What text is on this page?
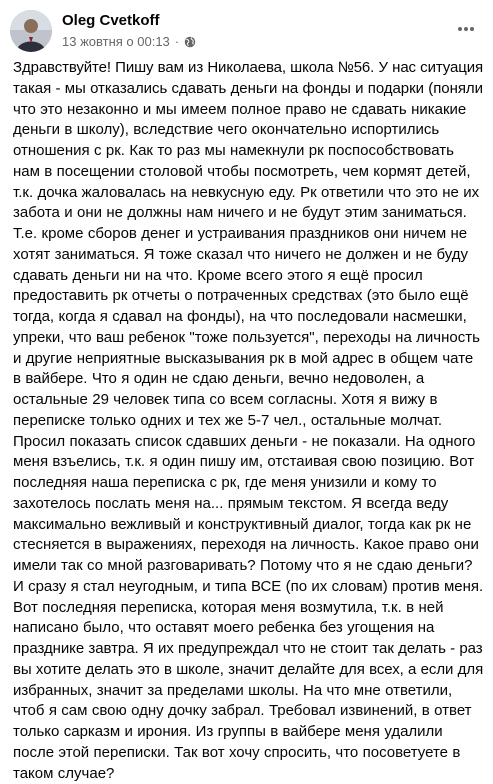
Oleg Cvetkoff
13 жовтня о 00:13 ·

Здравствуйте! Пишу вам из Николаева, школа №56. У нас ситуация
такая - мы отказались сдавать деньги на фонды и подарки (поняли
что это незаконно и мы имеем полное право не сдавать никакие
деньги в школу), вследствие чего окончательно испортились
отношения с рк. Как то раз мы намекнули рк поспособствовать
нам в посещении столовой чтобы посмотреть, чем кормят детей,
т.к. дочка жаловалась на невкусную еду. Рк ответили что это не их
забота и они не должны нам ничего и не будут этим заниматься.
Т.е. кроме сборов денег и устраивания праздников они ничем не
хотят заниматься. Я тоже сказал что ничего не должен и не буду
сдавать деньги ни на что. Кроме всего этого я ещё просил
предоставить рк отчеты о потраченных средствах (это было ещё
тогда, когда я сдавал на фонды), на что последовали насмешки,
упреки, что ваш ребенок "тоже пользуется", переходы на личность
и другие неприятные высказывания рк в мой адрес в общем чате
в вайбере. Что я один не сдаю деньги, вечно недоволен, а
остальные 29 человек типа со всем согласны. Хотя я вижу в
переписке только одних и тех же 5-7 чел., остальные молчат.
Просил показать список сдавших деньги - не показали. На одного
меня взъелись, т.к. я один пишу им, отстаивая свою позицию. Вот
последняя наша переписка с рк, где меня унизили и кому то
захотелось послать меня на... прямым текстом. Я всегда веду
максимально вежливый и конструктивный диалог, тогда как рк не
стесняется в выражениях, переходя на личность. Какое право они
имели так со мной разговаривать? Потому что я не сдаю деньги?
И сразу я стал неугодным, и типа ВСЕ (по их словам) против меня.
Вот последняя переписка, которая меня возмутила, т.к. в ней
написано было, что оставят моего ребенка без угощения на
празднике завтра. Я их предупреждал что не стоит так делать - раз
вы хотите делать это в школе, значит делайте для всех, а если для
избранных, значит за пределами школы. На что мне ответили,
чтоб я сам свою одну дочку забрал. Требовал извинений, в ответ
только сарказм и ирония. Из группы в вайбере меня удалили
после этой переписки. Так вот хочу спросить, что посоветуете в
таком случае?
